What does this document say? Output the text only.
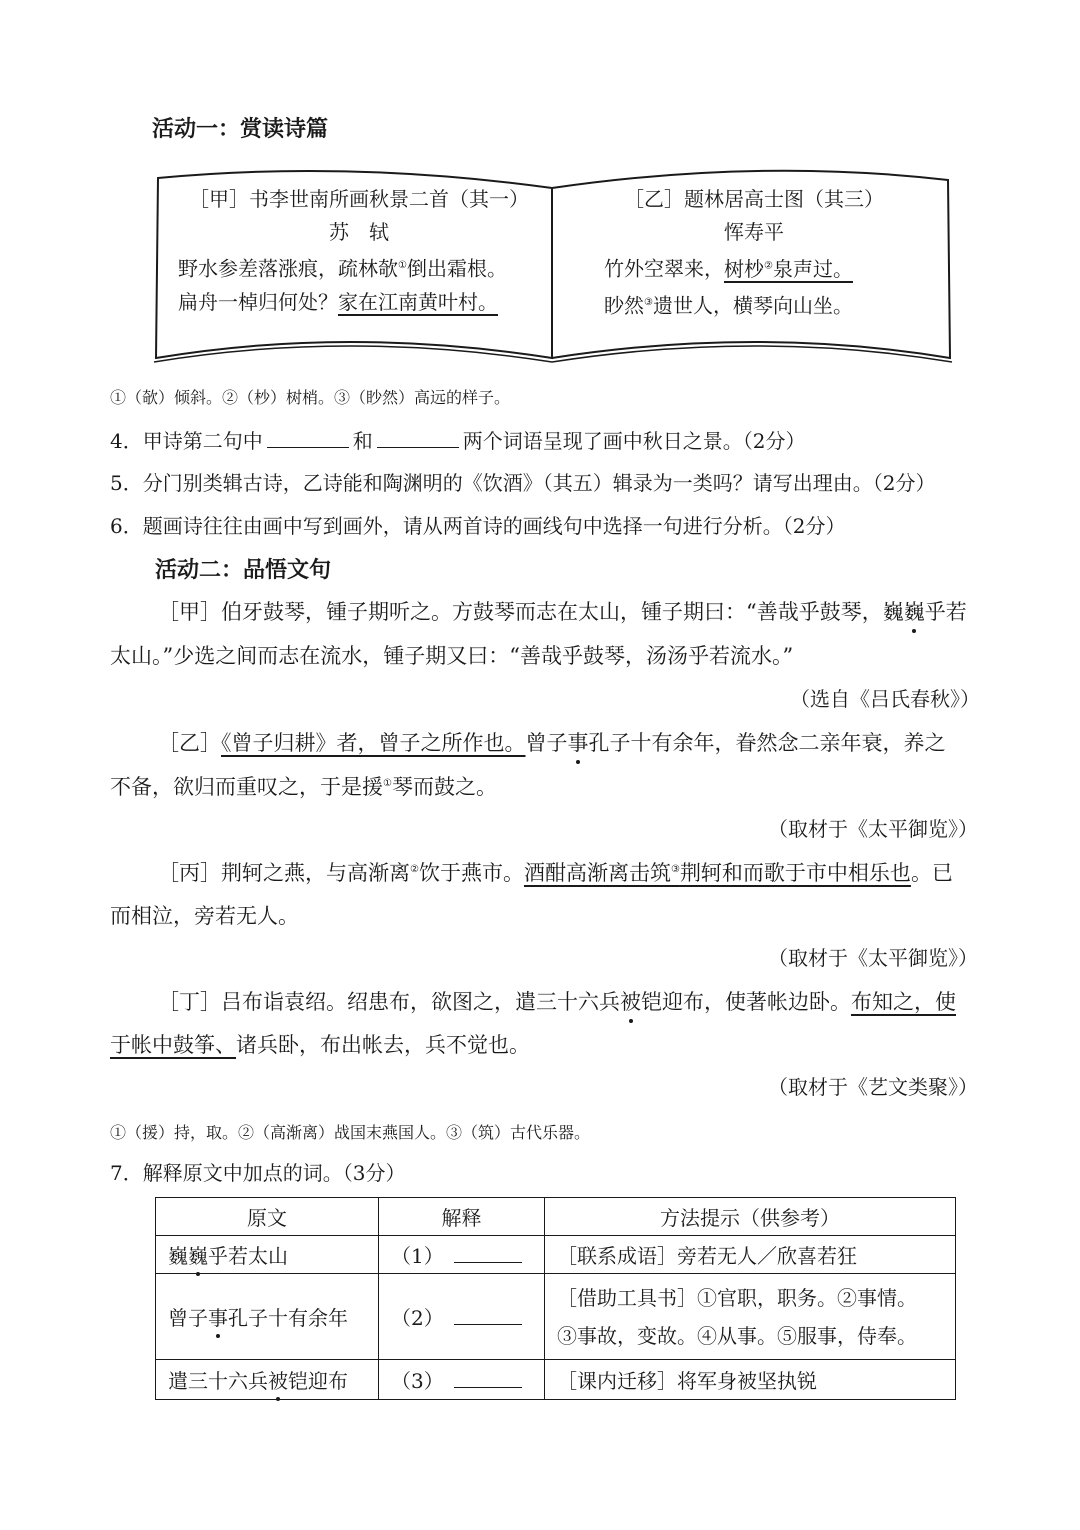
活动一：赏读诗篇
［甲］书李世南所画秋景二首（其一）
苏　轼
野水参差落涨痕，疏林欹①倒出霜根。
扁舟一棹归何处？家在江南黄叶村。
［乙］题林居高士图（其三）
恽寿平
竹外空翠来，树杪②泉声过。
眇然③遗世人，横琴向山坐。
①（欹）倾斜。②（杪）树梢。③（眇然）高远的样子。
4．甲诗第二句中	和	两个词语呈现了画中秋日之景。（2分）
5．分门别类辑古诗，乙诗能和陶渊明的《饮酒》（其五）辑录为一类吗？请写出理由。（2分）
6．题画诗往往由画中写到画外，请从两首诗的画线句中选择一句进行分析。（2分）
活动二：品悟文句
［甲］伯牙鼓琴，锺子期听之。方鼓琴而志在太山，锺子期曰：“善哉乎鼓琴，巍巍乎若
太山。”少选之间而志在流水，锺子期又曰：“善哉乎鼓琴，汤汤乎若流水。”
（选自《吕氏春秋》）
［乙］《曾子归耕》者，曾子之所作也。曾子事孔子十有余年，眷然念二亲年衰，养之
不备，欲归而重叹之，于是援①琴而鼓之。
（取材于《太平御览》）
［丙］荆轲之燕，与高渐离②饮于燕市。酒酣高渐离击筑③荆轲和而歌于市中相乐也。已
而相泣，旁若无人。
（取材于《太平御览》）
［丁］吕布诣袁绍。绍患布，欲图之，遣三十六兵被铠迎布，使著帐边卧。布知之，使
于帐中鼓筝、诸兵卧，布出帐去，兵不觉也。
（取材于《艺文类聚》）
①（援）持，取。②（高渐离）战国末燕国人。③（筑）古代乐器。
7．解释原文中加点的词。（3分）
原文	解释	方法提示（供参考）
巍巍乎若太山	（1）	［联系成语］旁若无人／欣喜若狂
曾子事孔子十有余年	（2）	［借助工具书］①官职，职务。②事情。
③事故，变故。④从事。⑤服事，侍奉。

遣三十六兵被铠迎布	（3）	［课内迁移］将军身被坚执锐
